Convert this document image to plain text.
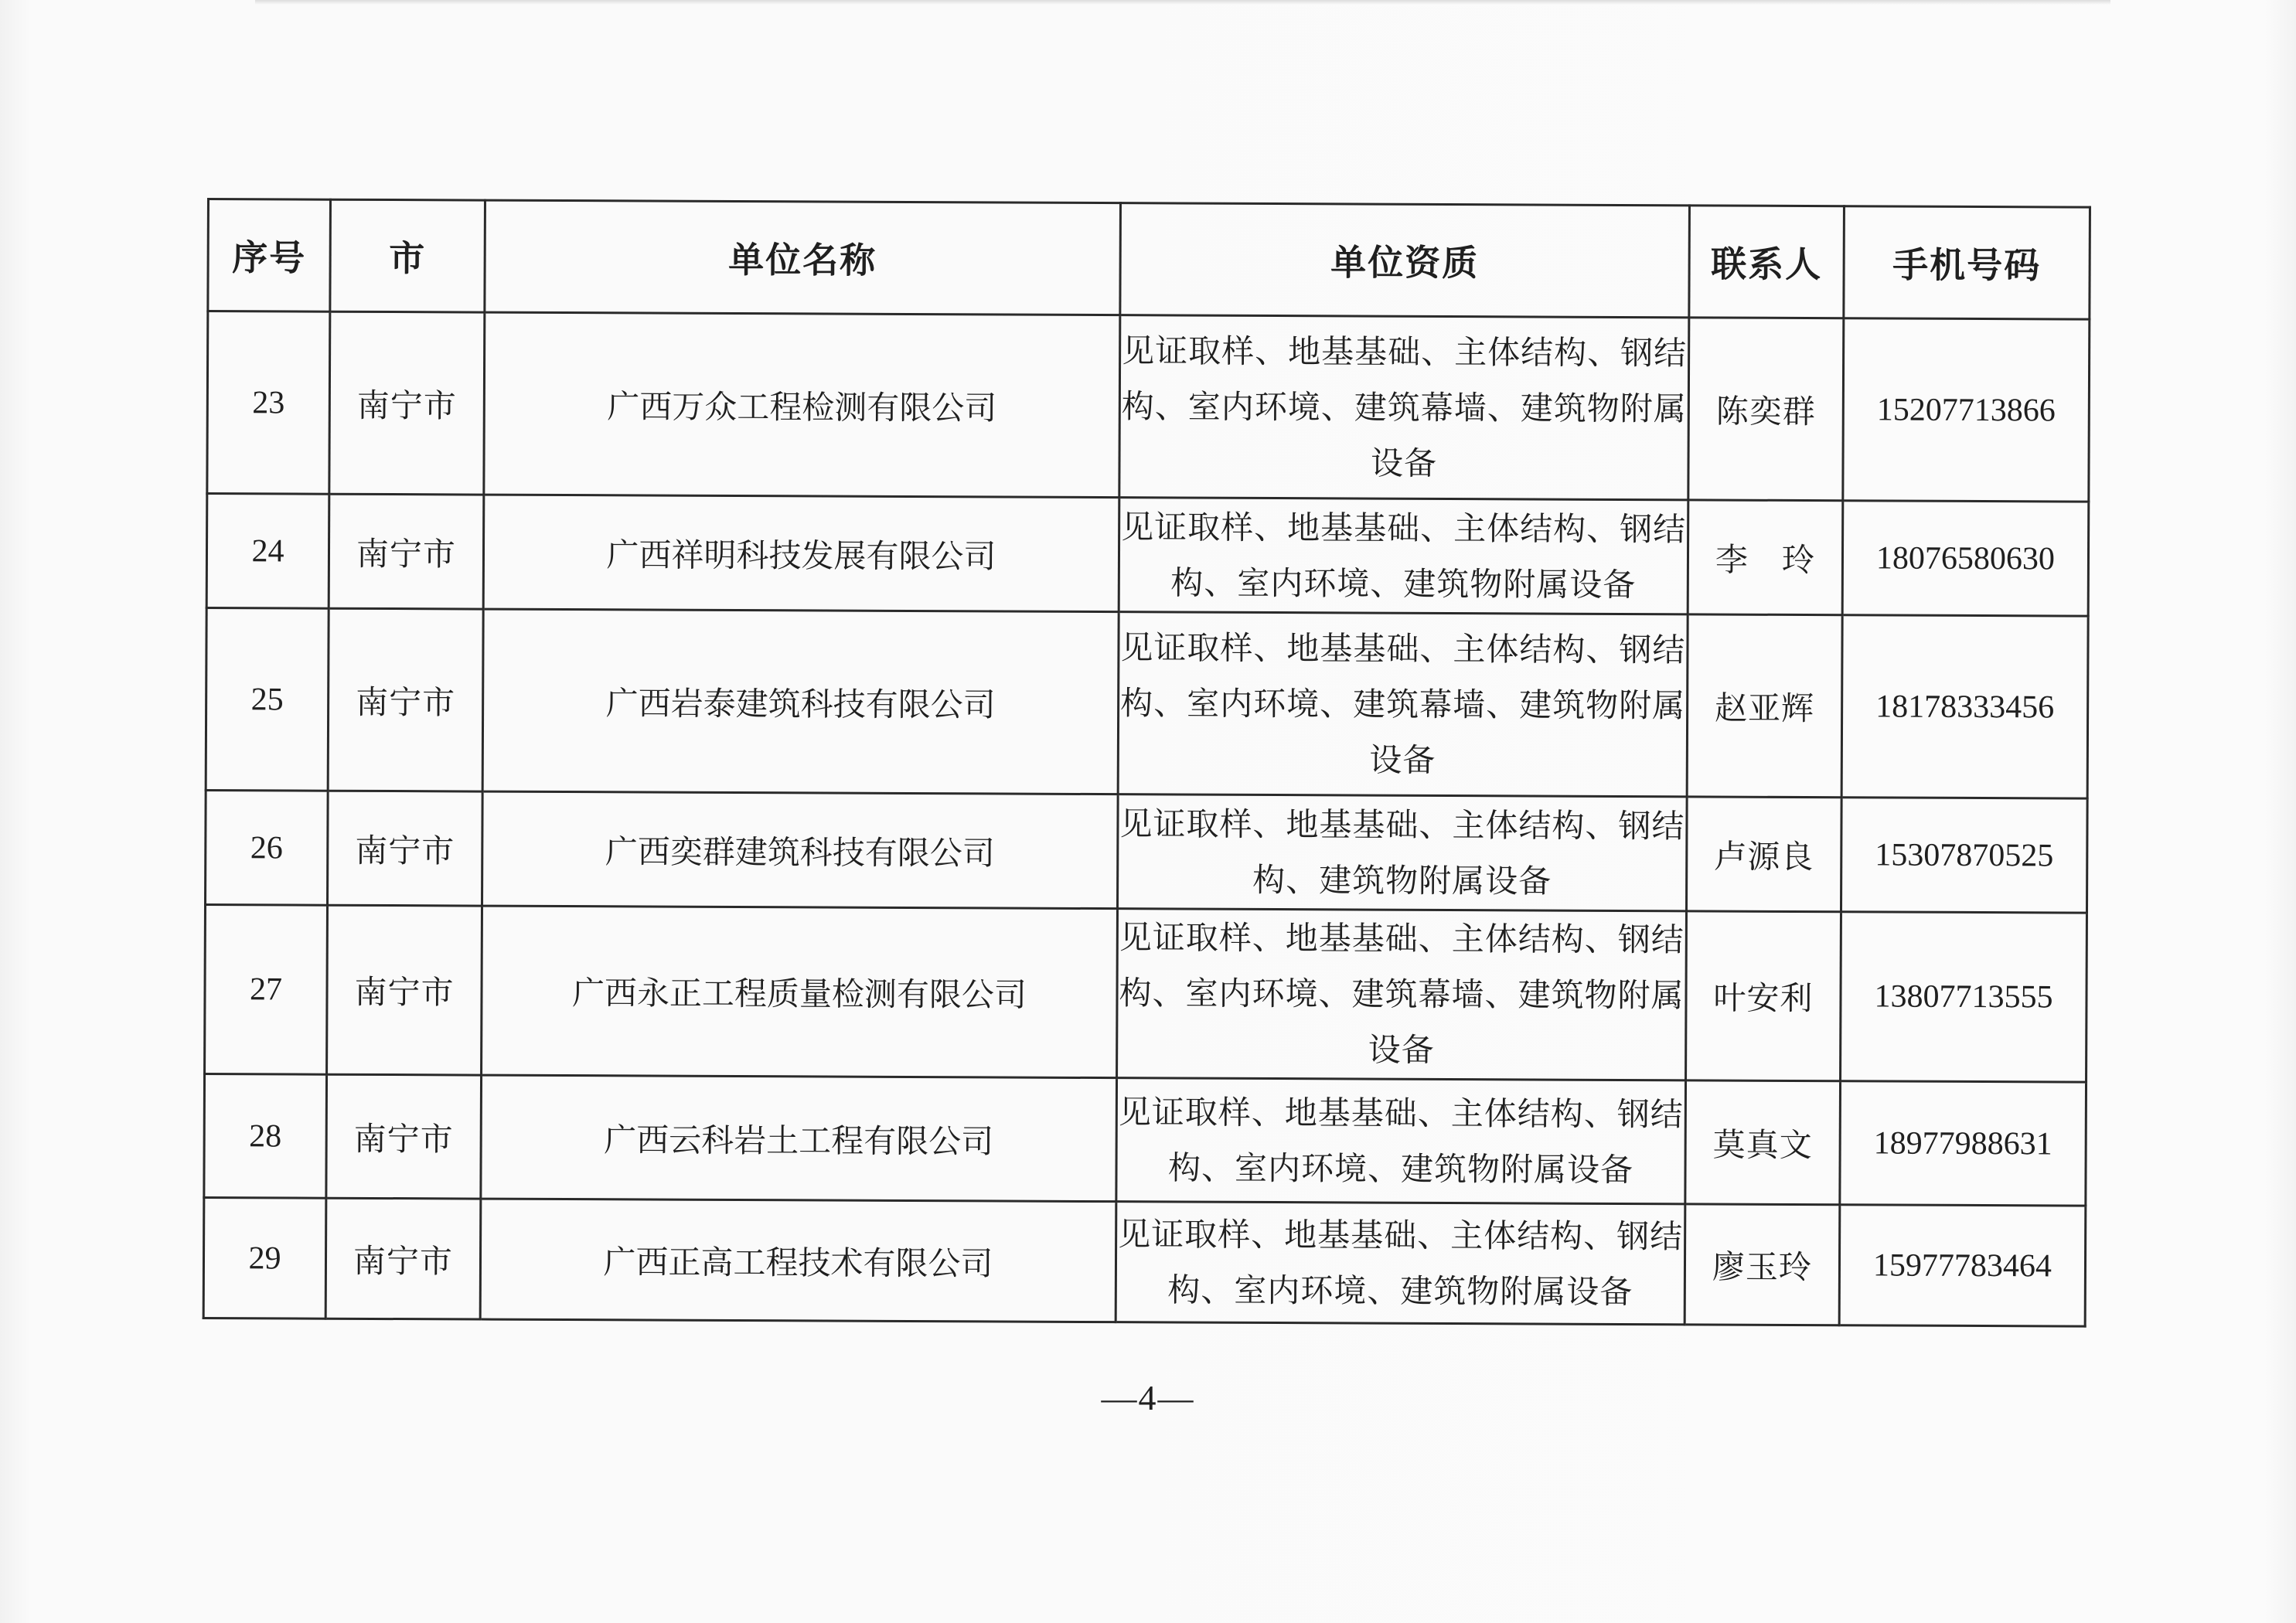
序号	市	单位名称	单位资质	联系人	手机号码
23	南宁市	广西万众工程检测有限公司	见证取样、地基基础、主体结构、钢结构、室内环境、建筑幕墙、建筑物附属设备	陈奕群	15207713866
24	南宁市	广西祥明科技发展有限公司	见证取样、地基基础、主体结构、钢结构、室内环境、建筑物附属设备	李　玲	18076580630
25	南宁市	广西岩泰建筑科技有限公司	见证取样、地基基础、主体结构、钢结构、室内环境、建筑幕墙、建筑物附属设备	赵亚辉	18178333456
26	南宁市	广西奕群建筑科技有限公司	见证取样、地基基础、主体结构、钢结构、建筑物附属设备	卢源良	15307870525
27	南宁市	广西永正工程质量检测有限公司	见证取样、地基基础、主体结构、钢结构、室内环境、建筑幕墙、建筑物附属设备	叶安利	13807713555
28	南宁市	广西云科岩土工程有限公司	见证取样、地基基础、主体结构、钢结构、室内环境、建筑物附属设备	莫真文	18977988631
29	南宁市	广西正高工程技术有限公司	见证取样、地基基础、主体结构、钢结构、室内环境、建筑物附属设备	廖玉玲	15977783464
—4—
